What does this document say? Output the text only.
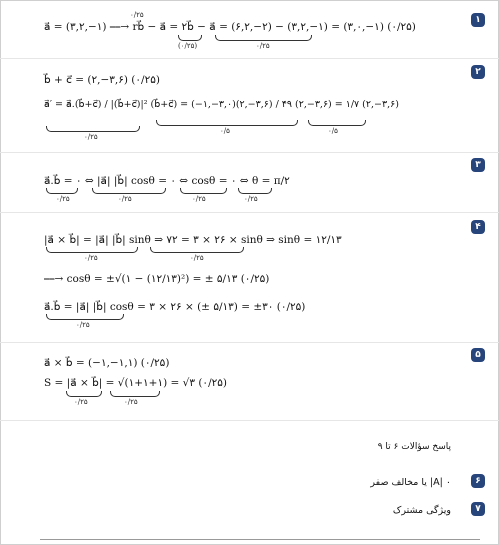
۱
a⃗ = (۳,۲,−۱) ⎯⎯→ rb⃗ − a⃗ = ۲b⃗ − a⃗ = (۶,۲,−۲) − (۳,۲,−۱) = (۳,۰,−۱) (۰/۲۵)
۰/۲۵
(۰/۲۵)	۰/۲۵
۲
b⃗ + c⃗ = (۲,−۳,۶) (۰/۲۵)
a⃗′ = a⃗.(b⃗+c⃗) / |(b⃗+c⃗)|² (b⃗+c⃗) = (−۱,−۳,۰)(۲,−۳,۶) / ۴۹ (۲,−۳,۶) = ۱/۷ (۲,−۳,۶)
۰/۲۵
۰/۵	۰/۵
۳
a⃗.b⃗ = ۰ ⇔ |a⃗| |b⃗| cosθ = ۰ ⇔ cosθ = ۰ ⇔ θ = π/۲
۰/۲۵	۰/۲۵	۰/۲۵	۰/۲۵
۴
|a⃗ × b⃗| = |a⃗| |b⃗| sinθ ⇒ ۷۲ = ۳ × ۲۶ × sinθ ⇒ sinθ = ۱۲/۱۳
۰/۲۵	۰/۲۵
⎯⎯→ cosθ = ±√(۱ − (۱۲/۱۳)²) = ± ۵/۱۳ (۰/۲۵)
a⃗.b⃗ = |a⃗| |b⃗| cosθ = ۳ × ۲۶ × (± ۵/۱۳) = ±۳۰ (۰/۲۵)
۰/۲۵
۵
a⃗ × b⃗ = (−۱,−۱,۱) (۰/۲۵)
S = |a⃗ × b⃗| = √(۱+۱+۱) = √۳ (۰/۲۵)
۰/۲۵	۰/۲۵
پاسخ سؤالات ۶ تا ۹
۶
۰ |A| یا مخالف صفر
۷
ویژگی مشترک
